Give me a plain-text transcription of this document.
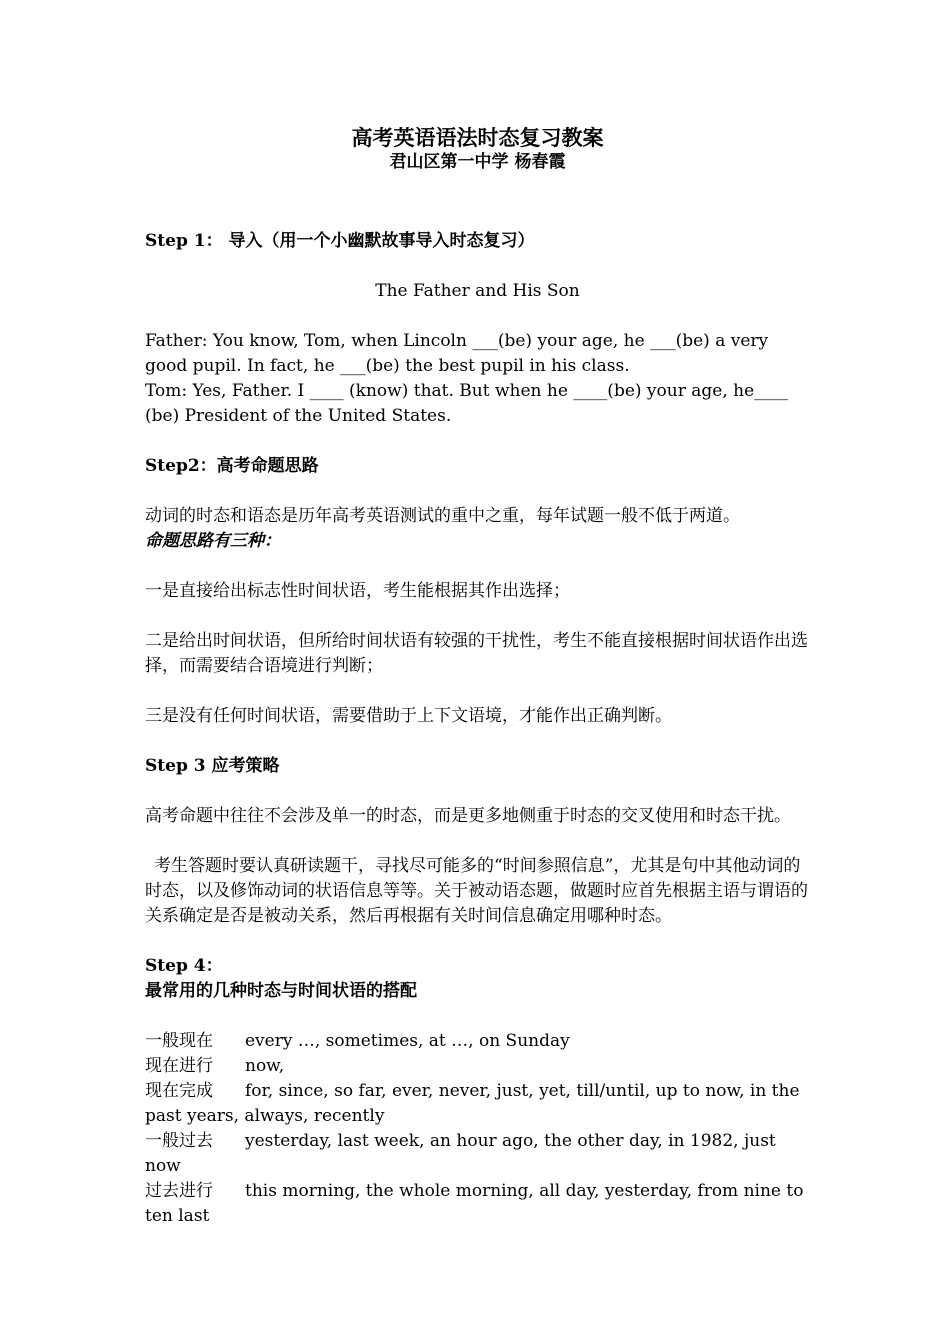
高考英语语法时态复习教案
君山区第一中学 杨春霞

Step 1： 导入（用一个小幽默故事导入时态复习）

The Father and His Son

Father: You know, Tom, when Lincoln ___(be) your age, he ___(be) a very good pupil. In fact, he ___(be) the best pupil in his class.

Tom: Yes, Father. I ____ (know) that. But when he ____(be) your age, he____ (be) President of the United States.

Step2：高考命题思路

动词的时态和语态是历年高考英语测试的重中之重，每年试题一般不低于两道。

命题思路有三种：

一是直接给出标志性时间状语，考生能根据其作出选择；

二是给出时间状语，但所给时间状语有较强的干扰性，考生不能直接根据时间状语作出选择，而需要结合语境进行判断；

三是没有任何时间状语，需要借助于上下文语境，才能作出正确判断。

Step 3 应考策略

高考命题中往往不会涉及单一的时态，而是更多地侧重于时态的交叉使用和时态干扰。

考生答题时要认真研读题干，寻找尽可能多的“时间参照信息”，尤其是句中其他动词的时态，以及修饰动词的状语信息等等。关于被动语态题，做题时应首先根据主语与谓语的关系确定是否是被动关系，然后再根据有关时间信息确定用哪种时态。

Step 4：

最常用的几种时态与时间状语的搭配

一般现在 every …, sometimes, at …, on Sunday

现在进行 now,

现在完成 for, since, so far, ever, never, just, yet, till/until, up to now, in the past years, always, recently

一般过去 yesterday, last week, an hour ago, the other day, in 1982, just now

过去进行 this morning, the whole morning, all day, yesterday, from nine to ten last
